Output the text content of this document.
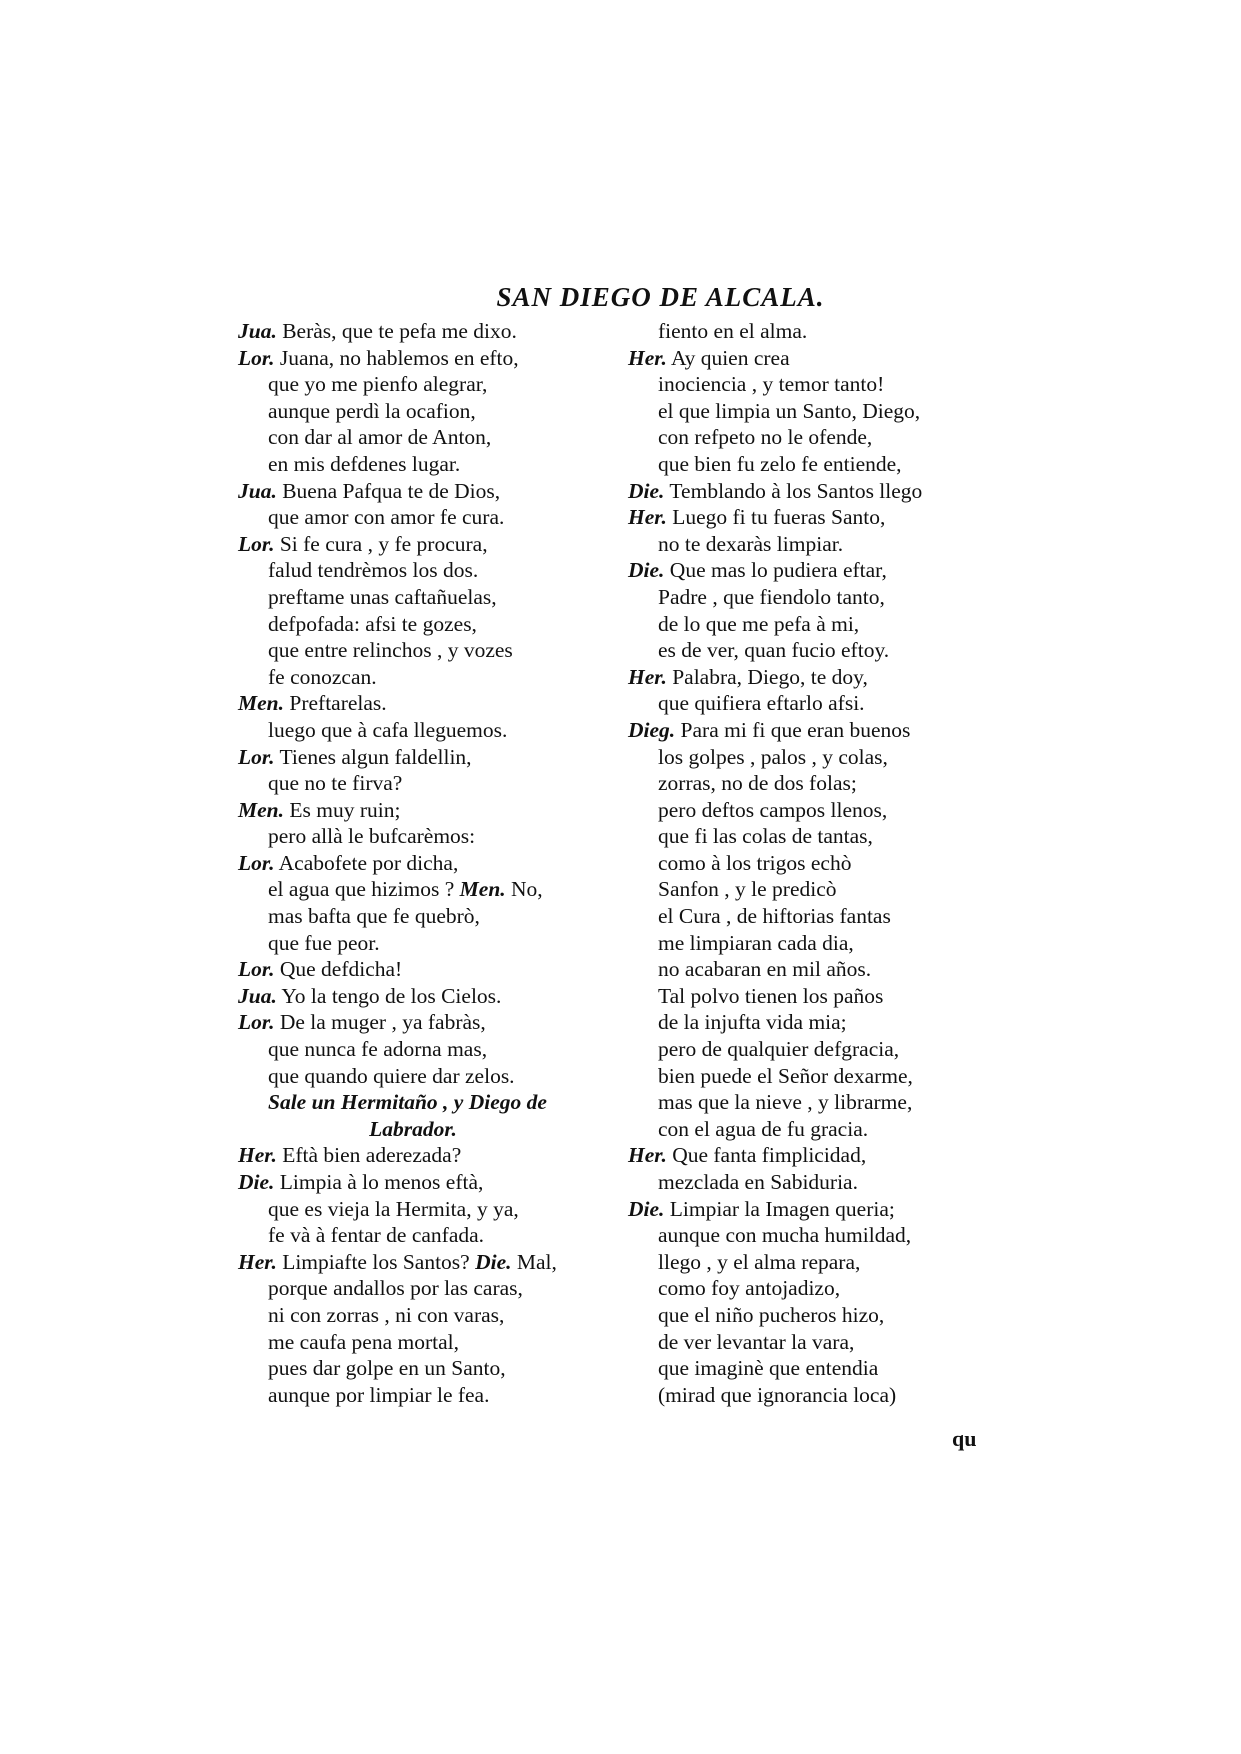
SAN DIEGO DE ALCALA.
Jua. Beràs, que te pefa me dixo.
Lor. Juana, no hablemos en efto,
que yo me pienfo alegrar,
aunque perdì la ocafion,
con dar al amor de Anton,
en mis defdenes lugar.
Jua. Buena Pafqua te de Dios,
que amor con amor fe cura.
Lor. Si fe cura , y fe procura,
falud tendrèmos los dos.
preftame unas caftañuelas,
defpofada: afsi te gozes,
que entre relinchos , y vozes
fe conozcan.
Men. Preftarelas.
luego que à cafa lleguemos.
Lor. Tienes algun faldellin,
que no te firva?
Men. Es muy ruin;
pero allà le bufcarèmos:
Lor. Acabofete por dicha,
el agua que hizimos ? Men. No,
mas bafta que fe quebrò,
que fue peor.
Lor. Que defdicha!
Jua. Yo la tengo de los Cielos.
Lor. De la muger , ya fabràs,
que nunca fe adorna mas,
que quando quiere dar zelos.
Sale un Hermitaño , y Diego de
Labrador.
Her. Eftà bien aderezada?
Die. Limpia à lo menos eftà,
que es vieja la Hermita, y ya,
fe và à fentar de canfada.
Her. Limpiafte los Santos? Die. Mal,
porque andallos por las caras,
ni con zorras , ni con varas,
me caufa pena mortal,
pues dar golpe en un Santo,
aunque por limpiar le fea.
fiento en el alma.
Her. Ay quien crea
inociencia , y temor tanto!
el que limpia un Santo, Diego,
con refpeto no le ofende,
que bien fu zelo fe entiende,
Die. Temblando à los Santos llego
Her. Luego fi tu fueras Santo,
no te dexaràs limpiar.
Die. Que mas lo pudiera eftar,
Padre , que fiendolo tanto,
de lo que me pefa à mi,
es de ver, quan fucio eftoy.
Her. Palabra, Diego, te doy,
que quifiera eftarlo afsi.
Dieg. Para mi fi que eran buenos
los golpes , palos , y colas,
zorras, no de dos folas;
pero deftos campos llenos,
que fi las colas de tantas,
como à los trigos echò
Sanfon , y le predicò
el Cura , de hiftorias fantas
me limpiaran cada dia,
no acabaran en mil años.
Tal polvo tienen los paños
de la injufta vida mia;
pero de qualquier defgracia,
bien puede el Señor dexarme,
mas que la nieve , y librarme,
con el agua de fu gracia.
Her. Que fanta fimplicidad,
mezclada en Sabiduria.
Die. Limpiar la Imagen queria;
aunque con mucha humildad,
llego , y el alma repara,
como foy antojadizo,
que el niño pucheros hizo,
de ver levantar la vara,
que imaginè que entendia
(mirad que ignorancia loca)
qu
